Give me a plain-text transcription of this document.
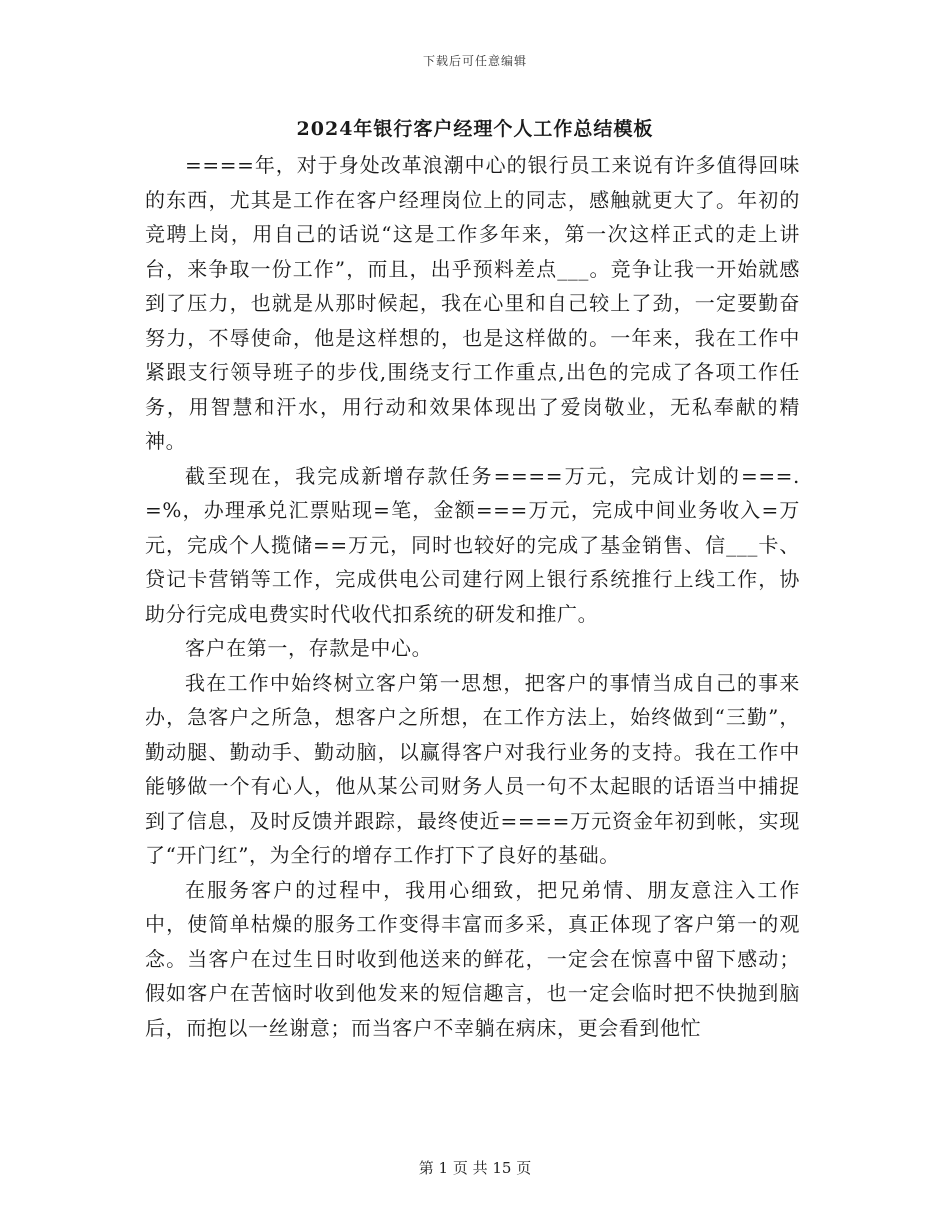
下载后可任意编辑
2024年银行客户经理个人工作总结模板

====年，对于身处改革浪潮中心的银行员工来说有许多值得回味的东西，尤其是工作在客户经理岗位上的同志，感触就更大了。年初的竞聘上岗，用自己的话说“这是工作多年来，第一次这样正式的走上讲台，来争取一份工作”，而且，出乎预料差点___。竞争让我一开始就感到了压力，也就是从那时候起，我在心里和自己较上了劲，一定要勤奋努力，不辱使命，他是这样想的，也是这样做的。一年来，我在工作中紧跟支行领导班子的步伐,围绕支行工作重点,出色的完成了各项工作任务，用智慧和汗水，用行动和效果体现出了爱岗敬业，无私奉献的精神。

截至现在，我完成新增存款任务====万元，完成计划的===.=%，办理承兑汇票贴现=笔，金额===万元，完成中间业务收入=万元，完成个人揽储==万元，同时也较好的完成了基金销售、信___卡、贷记卡营销等工作，完成供电公司建行网上银行系统推行上线工作，协助分行完成电费实时代收代扣系统的研发和推广。

客户在第一，存款是中心。

我在工作中始终树立客户第一思想，把客户的事情当成自己的事来办，急客户之所急，想客户之所想，在工作方法上，始终做到“三勤”，勤动腿、勤动手、勤动脑，以赢得客户对我行业务的支持。我在工作中能够做一个有心人，他从某公司财务人员一句不太起眼的话语当中捕捉到了信息，及时反馈并跟踪，最终使近====万元资金年初到帐，实现了“开门红”，为全行的增存工作打下了良好的基础。

在服务客户的过程中，我用心细致，把兄弟情、朋友意注入工作中，使简单枯燥的服务工作变得丰富而多采，真正体现了客户第一的观念。当客户在过生日时收到他送来的鲜花，一定会在惊喜中留下感动；假如客户在苦恼时收到他发来的短信趣言，也一定会临时把不快抛到脑后，而抱以一丝谢意；而当客户不幸躺在病床，更会看到他忙

第 1 页 共 15 页
